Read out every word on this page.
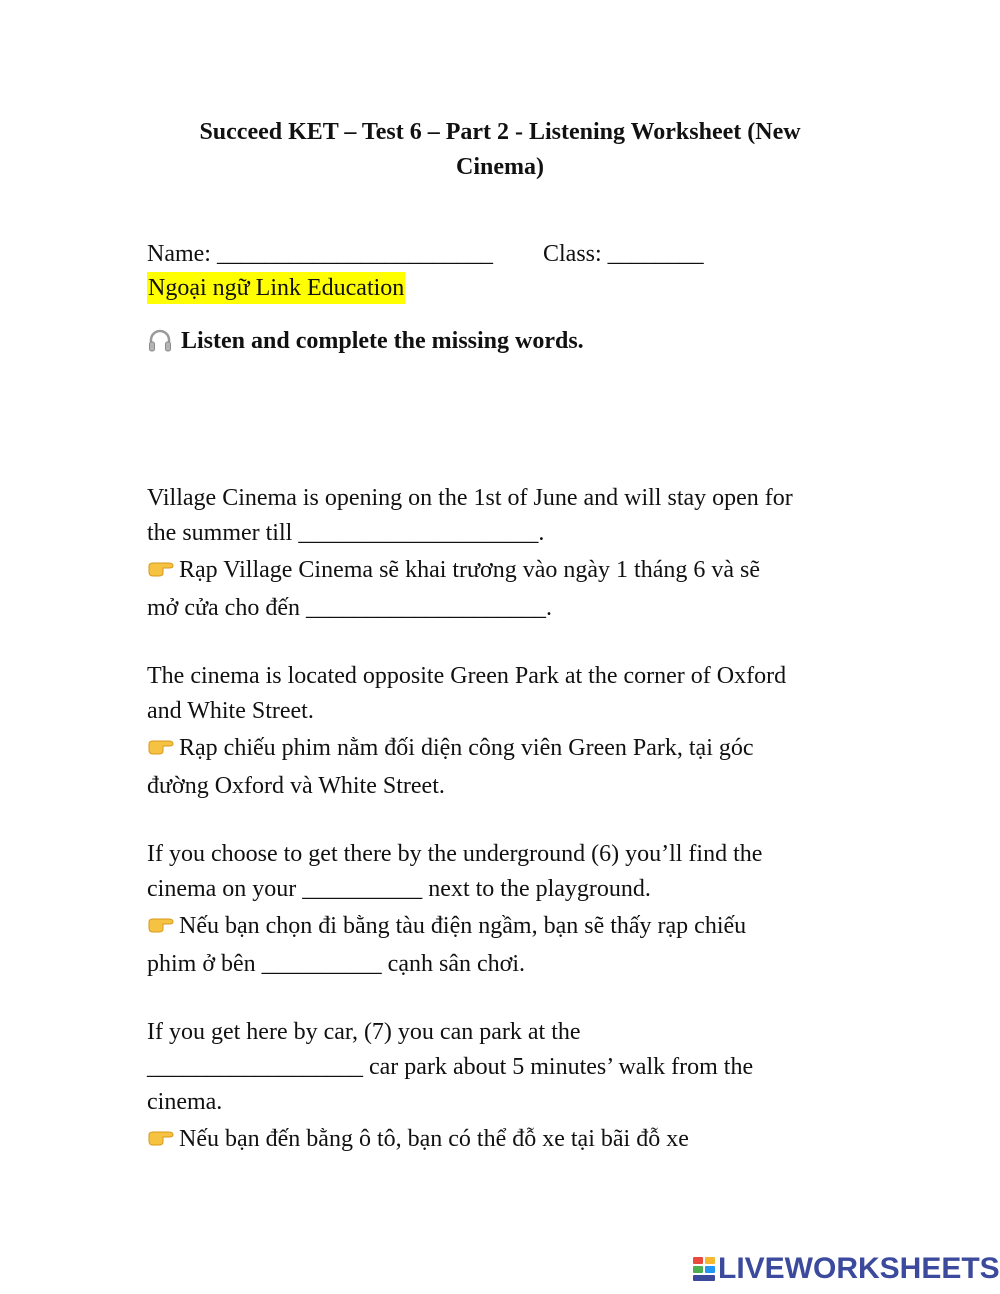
Succeed KET – Test 6 – Part 2 - Listening Worksheet (New
Cinema)
Name: _______________________ Class: ________
Ngoại ngữ Link Education
Listen and complete the missing words.
Village Cinema is opening on the 1st of June and will stay open for
the summer till ____________________.
Rạp Village Cinema sẽ khai trương vào ngày 1 tháng 6 và sẽ
mở cửa cho đến ____________________.
The cinema is located opposite Green Park at the corner of Oxford
and White Street.
Rạp chiếu phim nằm đối diện công viên Green Park, tại góc
đường Oxford và White Street.
If you choose to get there by the underground (6) you’ll find the
cinema on your __________ next to the playground.
Nếu bạn chọn đi bằng tàu điện ngầm, bạn sẽ thấy rạp chiếu
phim ở bên __________ cạnh sân chơi.
If you get here by car, (7) you can park at the
__________________ car park about 5 minutes’ walk from the
cinema.
Nếu bạn đến bằng ô tô, bạn có thể đỗ xe tại bãi đỗ xe
LIVEWORKSHEETS
